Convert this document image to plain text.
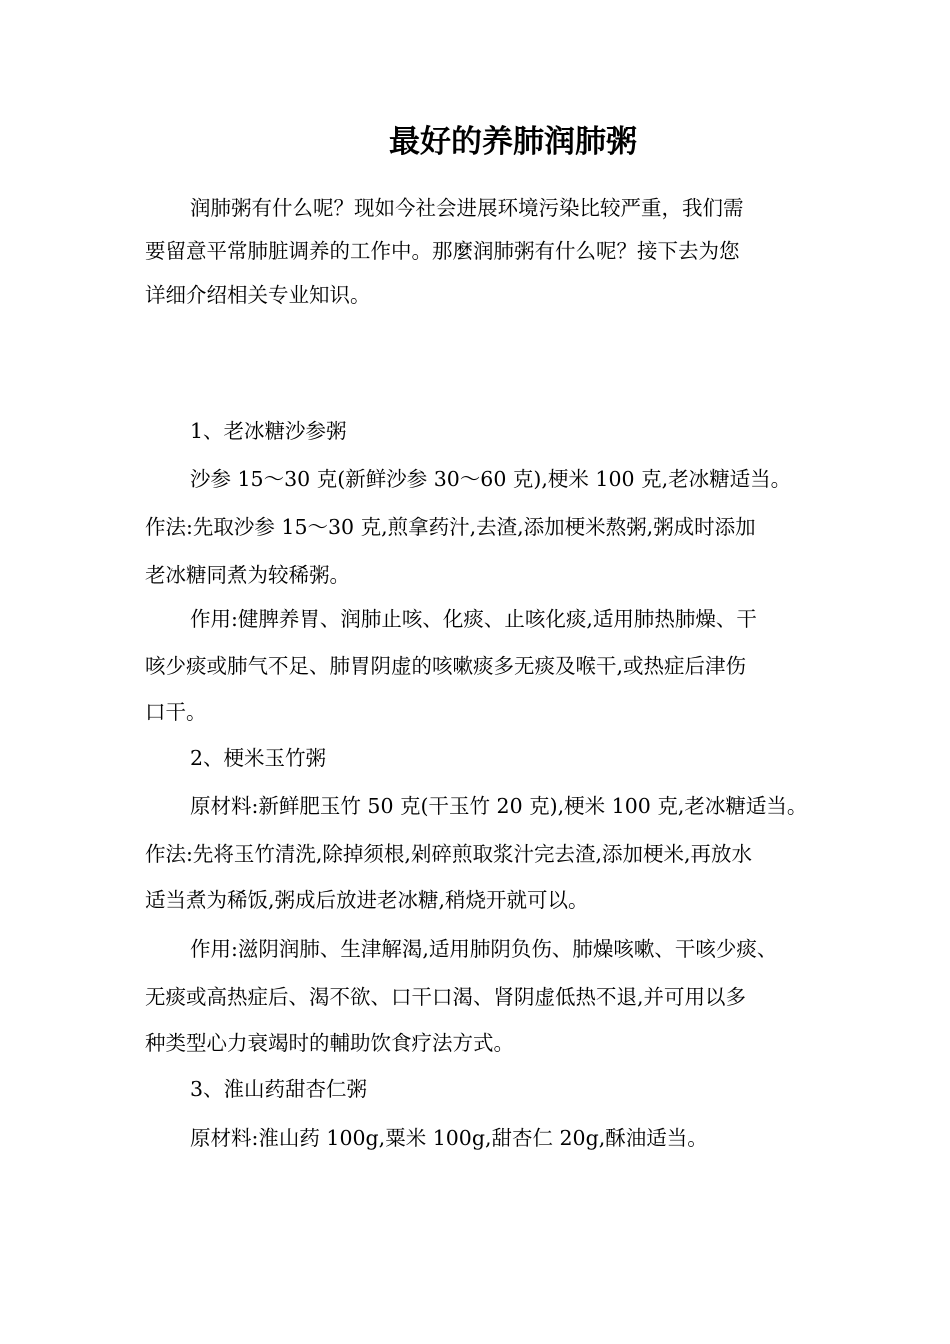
最好的养肺润肺粥
润肺粥有什么呢？现如今社会进展环境污染比较严重，我们需
要留意平常肺脏调养的工作中。那麼润肺粥有什么呢？接下去为您
详细介绍相关专业知识。
1、老冰糖沙参粥
沙参 15～30 克(新鲜沙参 30～60 克),梗米 100 克,老冰糖适当。
作法:先取沙参 15～30 克,煎拿药汁,去渣,添加梗米熬粥,粥成时添加
老冰糖同煮为较稀粥。
作用:健脾养胃、润肺止咳、化痰、止咳化痰,适用肺热肺燥、干
咳少痰或肺气不足、肺胃阴虚的咳嗽痰多无痰及喉干,或热症后津伤
口干。
2、梗米玉竹粥
原材料:新鲜肥玉竹 50 克(干玉竹 20 克),梗米 100 克,老冰糖适当。
作法:先将玉竹清洗,除掉须根,剁碎煎取浆汁完去渣,添加梗米,再放水
适当煮为稀饭,粥成后放进老冰糖,稍烧开就可以。
作用:滋阴润肺、生津解渴,适用肺阴负伤、肺燥咳嗽、干咳少痰、
无痰或高热症后、渴不欲、口干口渴、肾阴虚低热不退,并可用以多
种类型心力衰竭时的輔助饮食疗法方式。
3、淮山药甜杏仁粥
原材料:淮山药 100g,粟米 100g,甜杏仁 20g,酥油适当。
